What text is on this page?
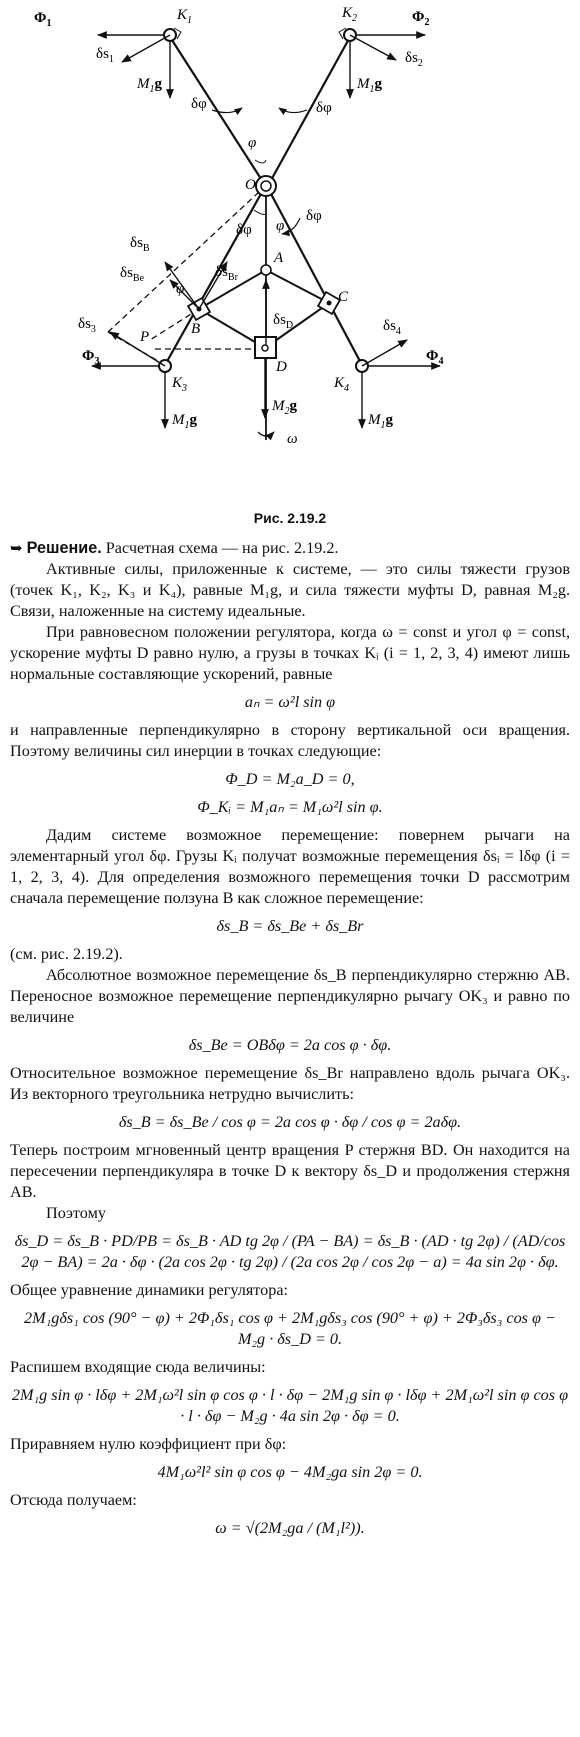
$\Phi_1$
$K_1$	$K_2$	$\Phi_2$
$\delta s_1$	$\delta s_2$
$M_1g$	$M_1g$
δφ	δφ
φ
O
δφ φ
δφ
$\delta s_B$
$\delta s_{Be}$	$\delta s_{Br}$
φ
A
B
C
D
P
$\delta s_3$
$\delta s_D$	$\delta s_4$
$\Phi_3$	$\Phi_4$
$K_3$	$K_4$
$M_1g$
$M_2g$
$M_1g$
ω
Рис. 2.19.2

➥ Решение. Расчетная схема — на рис. 2.19.2.

Активные силы, приложенные к системе, — это силы тяжести грузов (точек K₁, K₂, K₃ и K₄), равные M₁g, и сила тяжести муфты D, равная M₂g. Связи, наложенные на систему идеальные.

При равновесном положении регулятора, когда ω = const и угол φ = const, ускорение муфты D равно нулю, а грузы в точках Kᵢ (i = 1, 2, 3, 4) имеют лишь нормальные составляющие ускорений, равные

aₙ = ω²l sin φ

и направленные перпендикулярно в сторону вертикальной оси вращения. Поэтому величины сил инерции в точках следующие:

Φ_D = M₂a_D = 0,
Φ_Kᵢ = M₁aₙ = M₁ω²l sin φ.

Дадим системе возможное перемещение: повернем рычаги на элементарный угол δφ. Грузы Kᵢ получат возможные перемещения δsᵢ = lδφ (i = 1, 2, 3, 4). Для определения возможного перемещения точки D рассмотрим сначала перемещение ползуна B как сложное перемещение:

δs_B = δs_Be + δs_Br

(см. рис. 2.19.2).

Абсолютное возможное перемещение δs_B перпендикулярно стержню AB. Переносное возможное перемещение перпендикулярно рычагу OK₃ и равно по величине

δs_Be = OBδφ = 2a cos φ · δφ.

Относительное возможное перемещение δs_Br направлено вдоль рычага OK₃. Из векторного треугольника нетрудно вычислить:

δs_B = δs_Be / cos φ = 2a cos φ · δφ / cos φ = 2aδφ.

Теперь построим мгновенный центр вращения P стержня BD. Он находится на пересечении перпендикуляра в точке D к вектору δs_D и продолжения стержня AB.

Поэтому

δs_D = δs_B · PD/PB = δs_B · AD tg 2φ / (PA − BA) = δs_B · (AD · tg 2φ) / (AD/cos 2φ − BA) = 2a · δφ · (2a cos 2φ · tg 2φ) / (2a cos 2φ / cos 2φ − a) = 4a sin 2φ · δφ.

Общее уравнение динамики регулятора:

2M₁gδs₁ cos (90° − φ) + 2Φ₁δs₁ cos φ + 2M₁gδs₃ cos (90° + φ) + 2Φ₃δs₃ cos φ − M₂g · δs_D = 0.

Распишем входящие сюда величины:

2M₁g sin φ · lδφ + 2M₁ω²l sin φ cos φ · l · δφ − 2M₁g sin φ · lδφ + 2M₁ω²l sin φ cos φ · l · δφ − M₂g · 4a sin 2φ · δφ = 0.

Приравняем нулю коэффициент при δφ:

4M₁ω²l² sin φ cos φ − 4M₂ga sin 2φ = 0.

Отсюда получаем:

ω = √(2M₂ga / (M₁l²)).
